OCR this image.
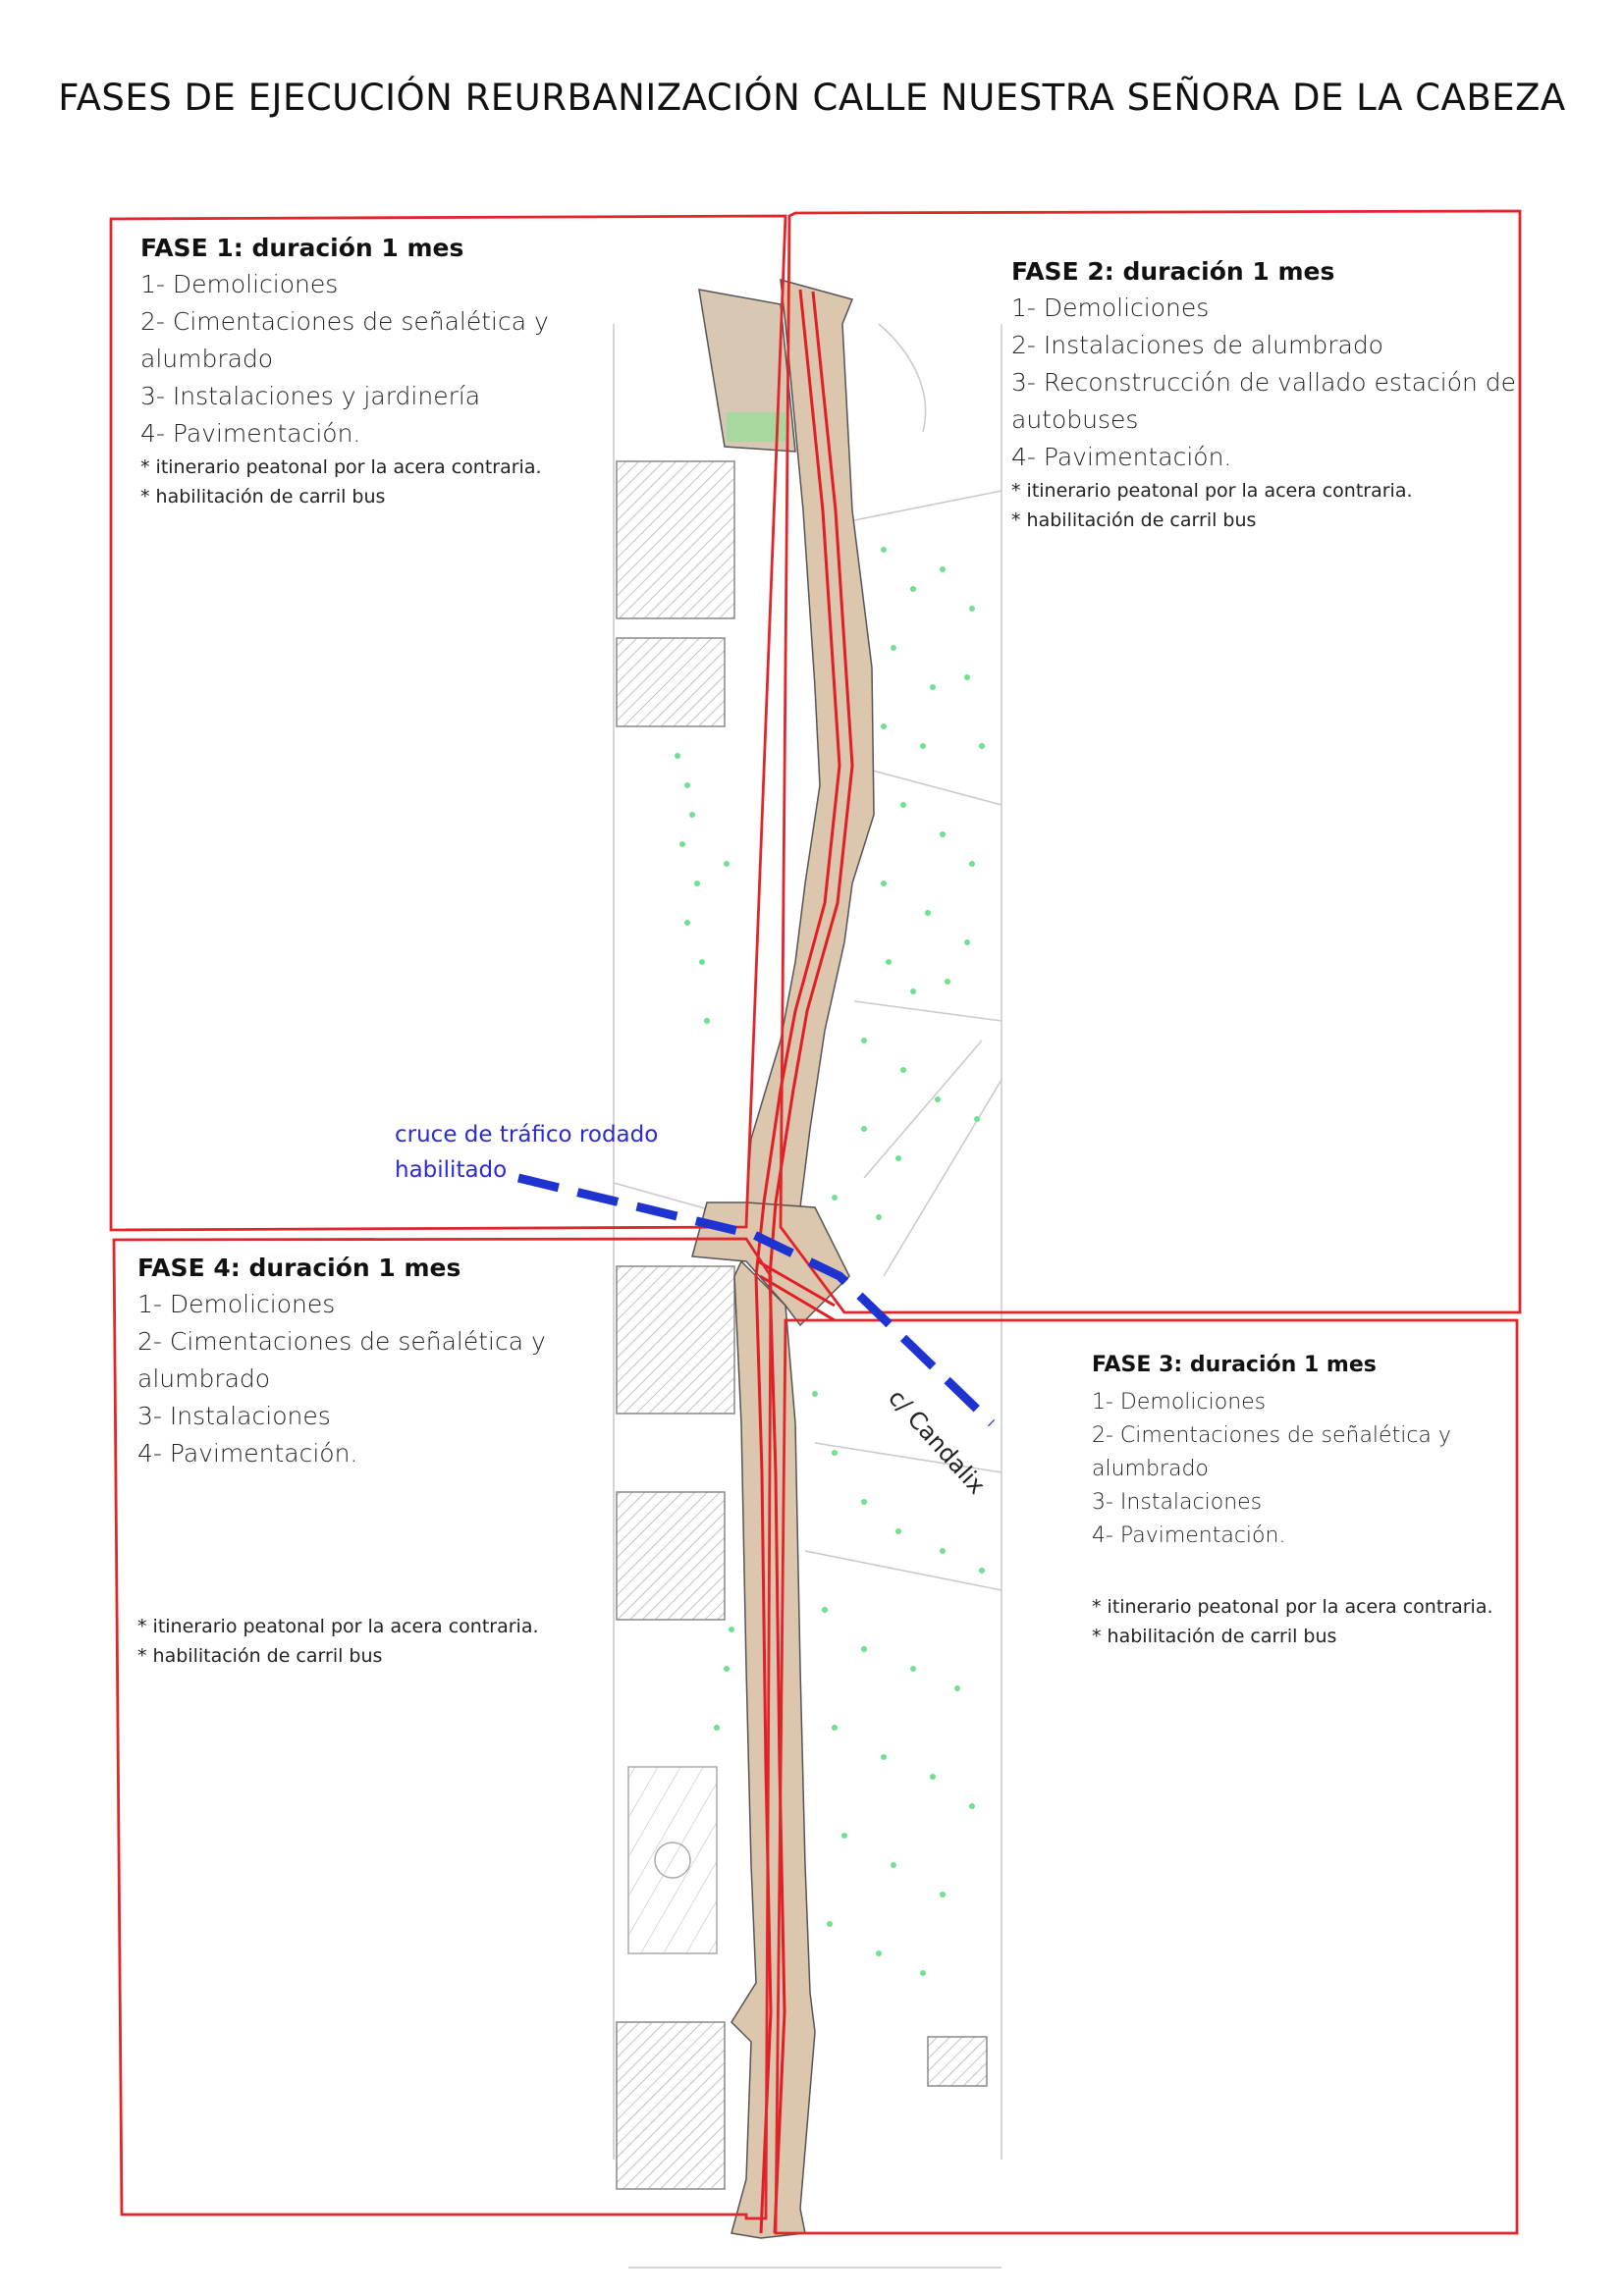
FASES DE EJECUCIÓN REURBANIZACIÓN CALLE NUESTRA SEÑORA DE LA CABEZA
FASE 1: duración 1 mes
1- Demoliciones
2- Cimentaciones de señalética y
alumbrado
3- Instalaciones y jardinería
4- Pavimentación.
* itinerario peatonal por la acera contraria.
* habilitación de carril bus
FASE 2: duración 1 mes
1- Demoliciones
2- Instalaciones de alumbrado
3- Reconstrucción de vallado estación de
autobuses
4- Pavimentación.
* itinerario peatonal por la acera contraria.
* habilitación de carril bus
FASE 3: duración 1 mes
1- Demoliciones
2- Cimentaciones de señalética y
alumbrado
3- Instalaciones
4- Pavimentación.
* itinerario peatonal por la acera contraria.
* habilitación de carril bus
FASE 4: duración 1 mes
1- Demoliciones
2- Cimentaciones de señalética y
alumbrado
3- Instalaciones
4- Pavimentación.
* itinerario peatonal por la acera contraria.
* habilitación de carril bus
cruce de tráfico rodado
habilitado
c/ Candalix
